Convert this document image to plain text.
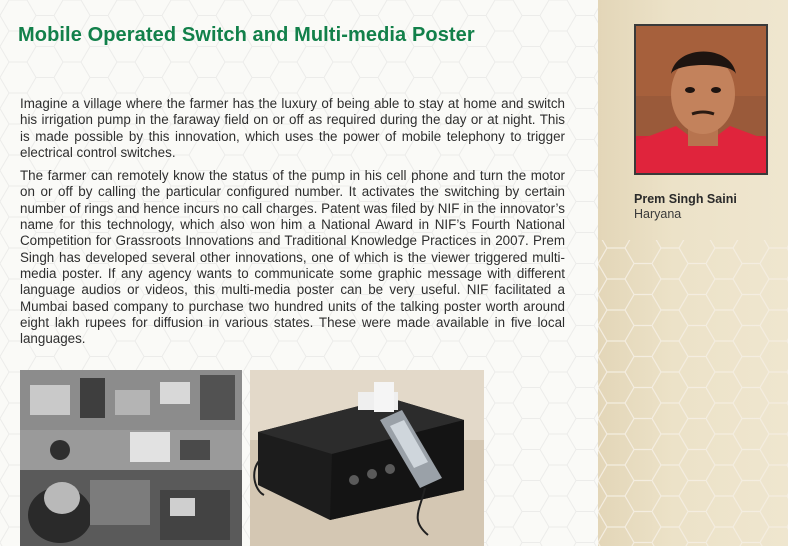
Mobile Operated Switch and Multi-media Poster

Imagine a village where the farmer has the luxury of being able to stay at home and switch his irrigation pump in the faraway field on or off as required during the day or at night. This is made possible by this innovation, which uses the power of mobile telephony to trigger electrical control switches.

The farmer can remotely know the status of the pump in his cell phone and turn the motor on or off by calling the particular configured number. It activates the switching by certain number of rings and hence incurs no call charges. Patent was filed by NIF in the innovator’s name for this technology, which also won him a National Award in NIF’s Fourth National Competition for Grassroots Innovations and Traditional Knowledge Practices in 2007. Prem Singh has developed several other innovations, one of which is the viewer triggered multi-media poster. If any agency wants to communicate some graphic message with different language audios or videos, this multi-media poster can be very useful. NIF facilitated a Mumbai based company to purchase two hundred units of the talking poster worth around eight lakh rupees for diffusion in various states. These were made available in five local languages.

Prem Singh Saini
Haryana
